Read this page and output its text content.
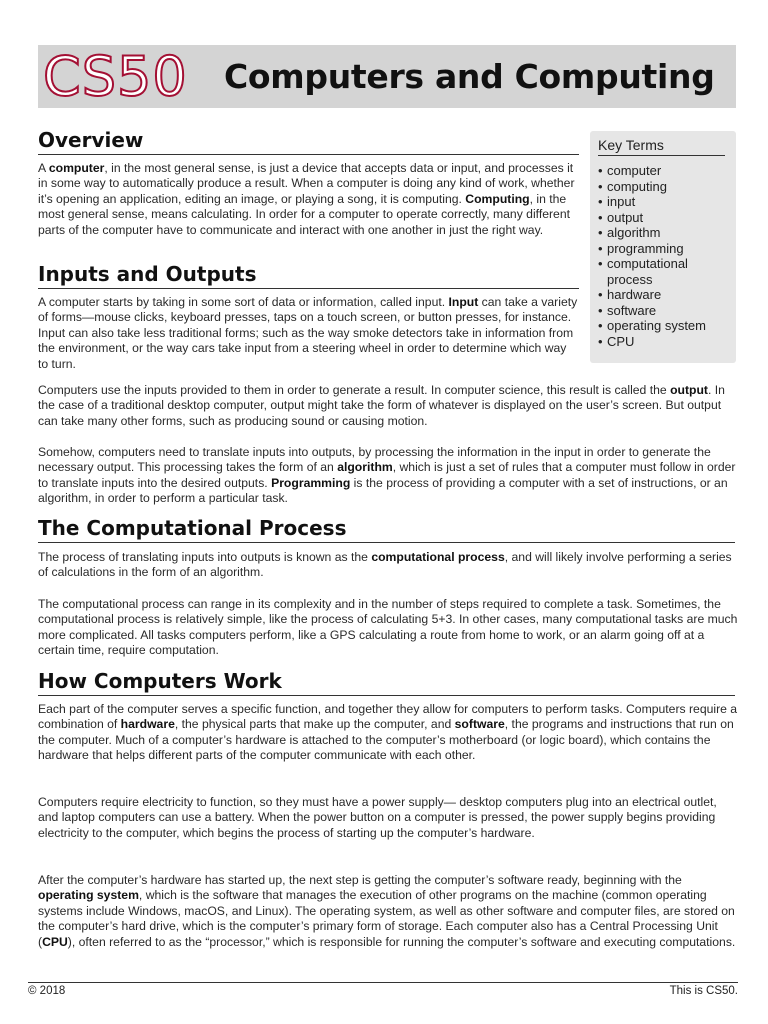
CS50 Computers and Computing
Key Terms
• computer
• computing
• input
• output
• algorithm
• programming
• computational
process
• hardware
• software
• operating system
• CPU
Overview

A computer, in the most general sense, is just a device that accepts data or input, and processes it in some way to automatically produce a result. When a computer is doing any kind of work, whether it’s opening an application, editing an image, or playing a song, it is computing. Computing, in the most general sense, means calculating. In order for a computer to operate correctly, many different parts of the computer have to communicate and interact with one another in just the right way.

Inputs and Outputs

A computer starts by taking in some sort of data or information, called input. Input can take a variety of forms—mouse clicks, keyboard presses, taps on a touch screen, or button presses, for instance. Input can also take less traditional forms; such as the way smoke detectors take in information from the environment, or the way cars take input from a steering wheel in order to determine which way to turn.

Computers use the inputs provided to them in order to generate a result. In computer science, this result is called the output. In the case of a traditional desktop computer, output might take the form of whatever is displayed on the user’s screen. But output can take many other forms, such as producing sound or causing motion.

Somehow, computers need to translate inputs into outputs, by processing the information in the input in order to generate the necessary output. This processing takes the form of an algorithm, which is just a set of rules that a computer must follow in order to translate inputs into the desired outputs. Programming is the process of providing a computer with a set of instructions, or an algorithm, in order to perform a particular task.

The Computational Process

The process of translating inputs into outputs is known as the computational process, and will likely involve performing a series of calculations in the form of an algorithm.

The computational process can range in its complexity and in the number of steps required to complete a task. Sometimes, the computational process is relatively simple, like the process of calculating 5+3. In other cases, many computational tasks are much more complicated. All tasks computers perform, like a GPS calculating a route from home to work, or an alarm going off at a certain time, require computation.

How Computers Work

Each part of the computer serves a specific function, and together they allow for computers to perform tasks. Computers require a combination of hardware, the physical parts that make up the computer, and software, the programs and instructions that run on the computer. Much of a computer’s hardware is attached to the computer’s motherboard (or logic board), which contains the hardware that helps different parts of the computer communicate with each other.

Computers require electricity to function, so they must have a power supply— desktop computers plug into an electrical outlet, and laptop computers can use a battery. When the power button on a computer is pressed, the power supply begins providing electricity to the computer, which begins the process of starting up the computer’s hardware.

After the computer’s hardware has started up, the next step is getting the computer’s software ready, beginning with the operating system, which is the software that manages the execution of other programs on the machine (common operating systems include Windows, macOS, and Linux). The operating system, as well as other software and computer files, are stored on the computer’s hard drive, which is the computer’s primary form of storage. Each computer also has a Central Processing Unit (CPU), often referred to as the “processor,” which is responsible for running the computer’s software and executing computations.

© 2018	This is CS50.
